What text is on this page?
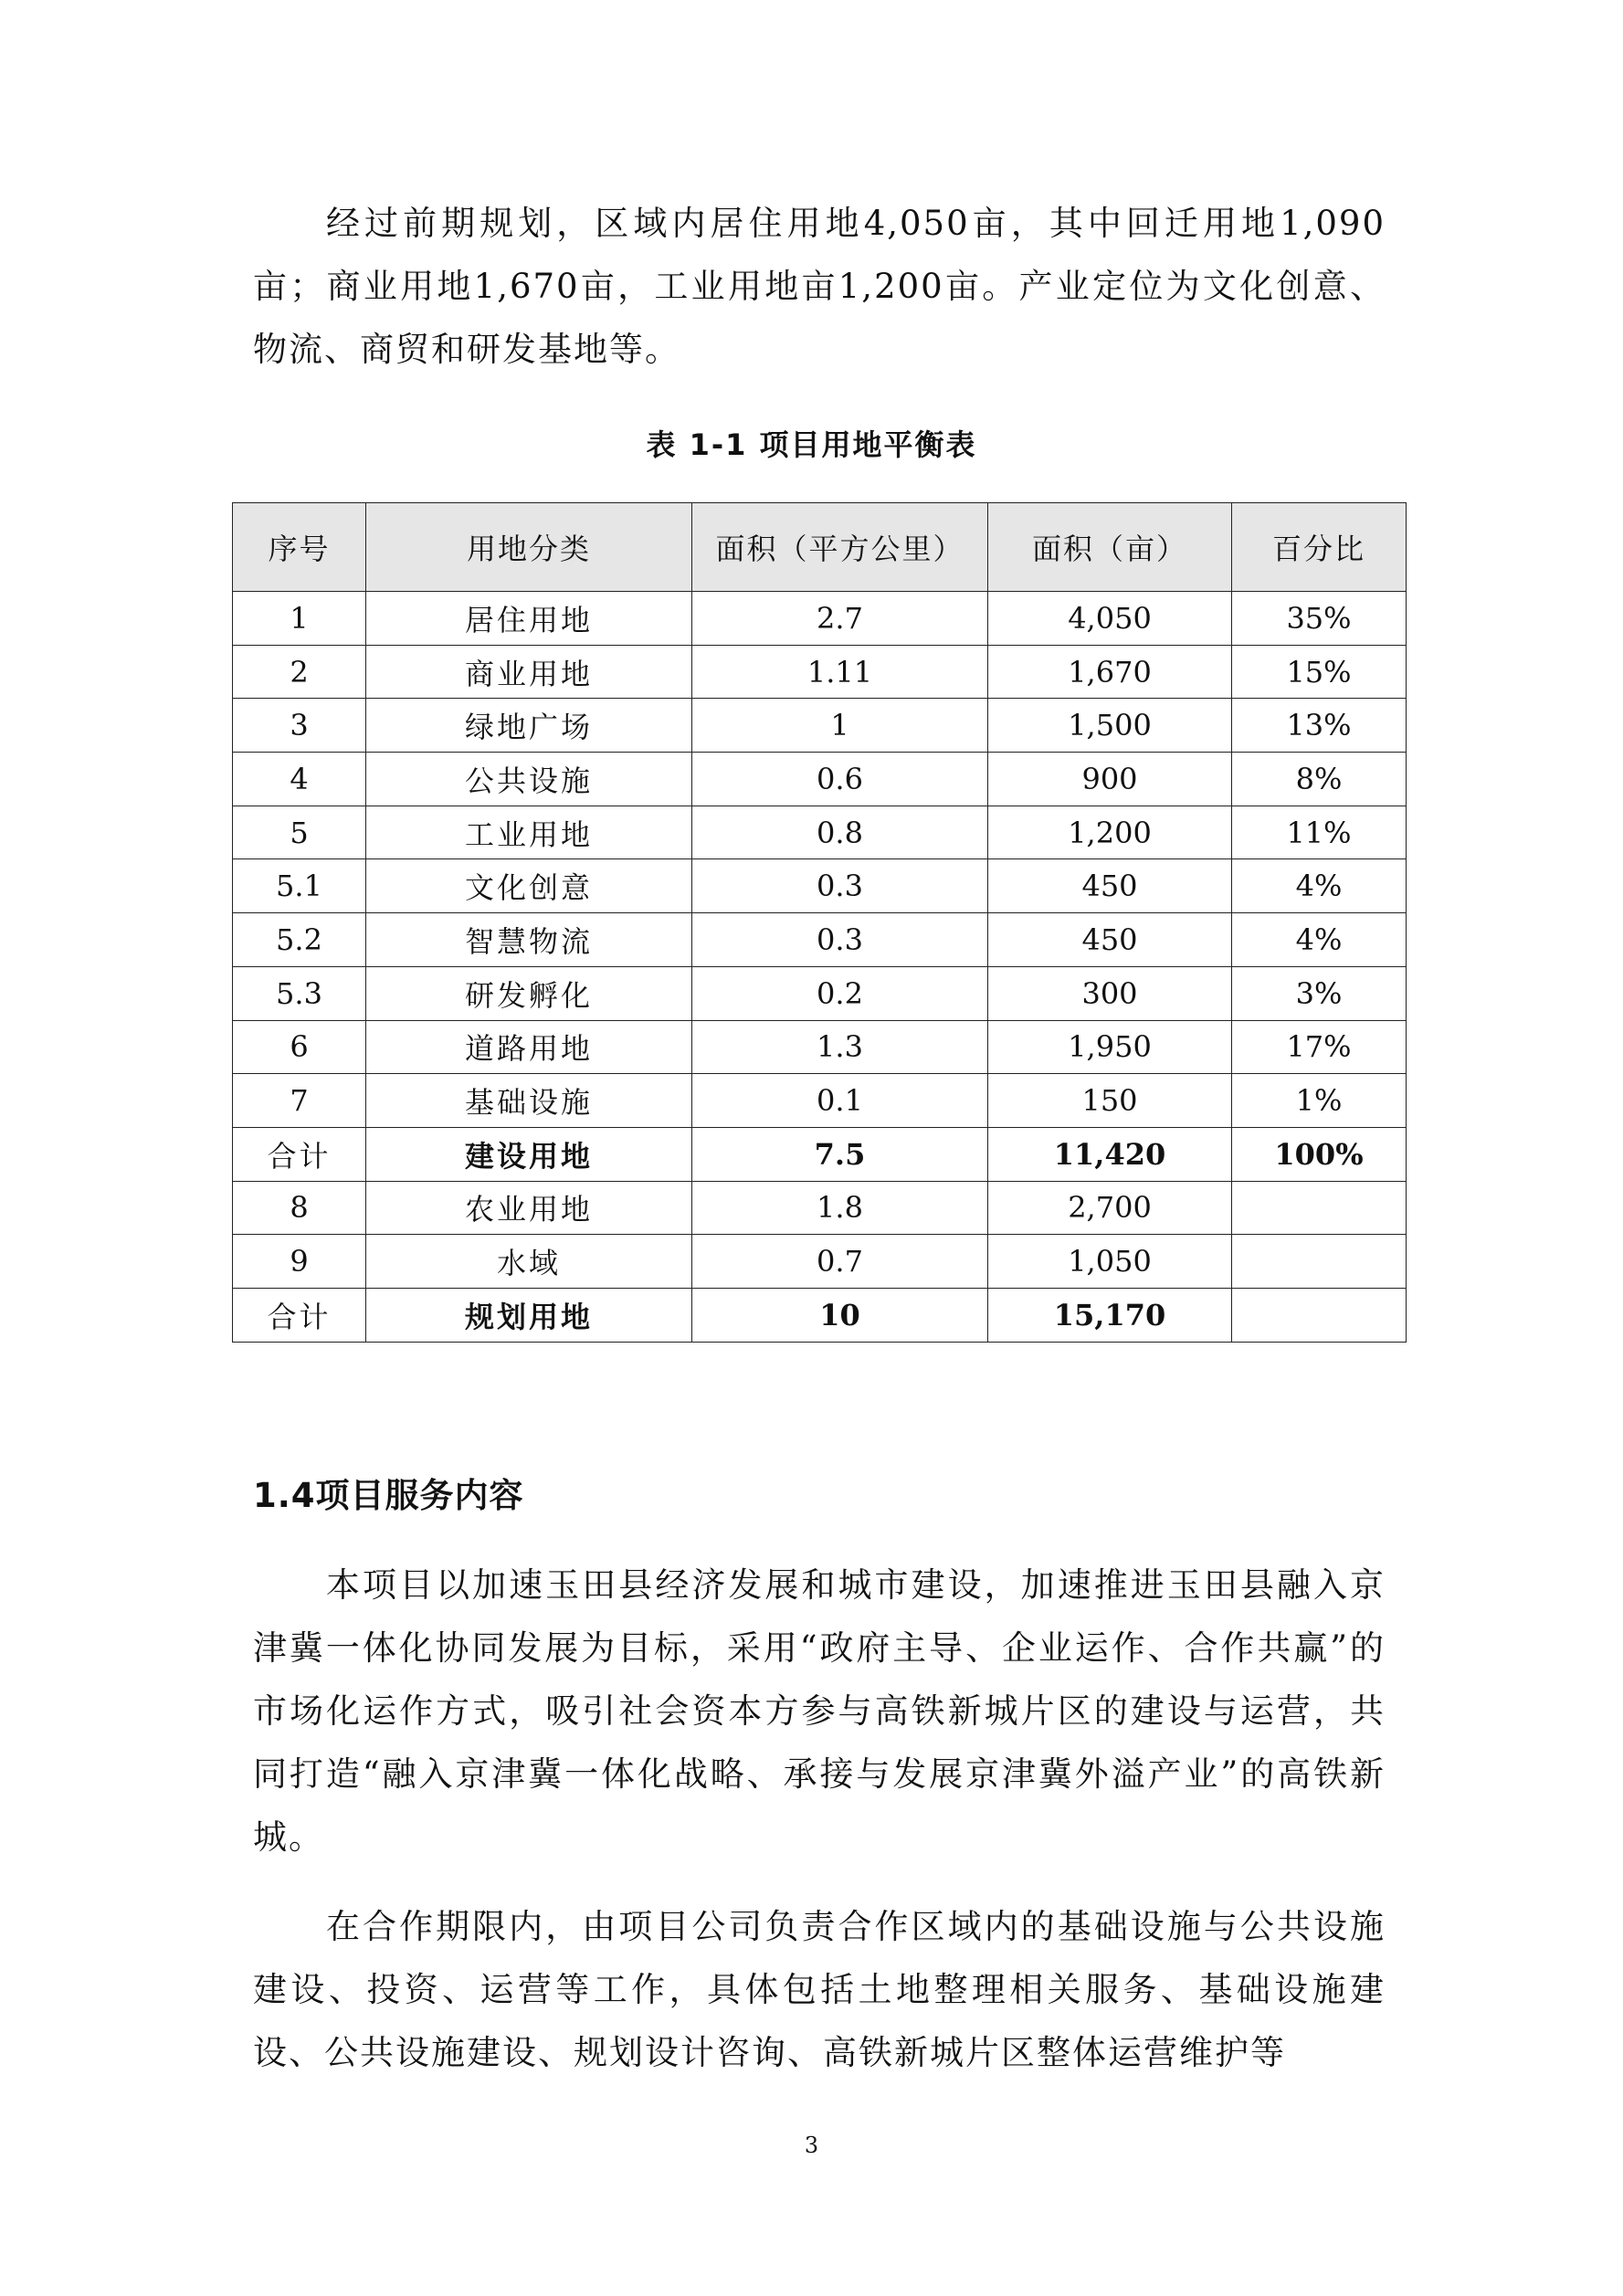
经过前期规划，区域内居住用地4,050亩，其中回迁用地1,090亩；商业用地1,670亩，工业用地亩1,200亩。产业定位为文化创意、物流、商贸和研发基地等。

表 1-1 项目用地平衡表
序号	用地分类	面积（平方公里）	面积（亩）	百分比
1	居住用地	2.7	4,050	35%
2	商业用地	1.11	1,670	15%
3	绿地广场	1	1,500	13%
4	公共设施	0.6	900	8%
5	工业用地	0.8	1,200	11%
5.1	文化创意	0.3	450	4%
5.2	智慧物流	0.3	450	4%
5.3	研发孵化	0.2	300	3%
6	道路用地	1.3	1,950	17%
7	基础设施	0.1	150	1%
合计	建设用地	7.5	11,420	100%
8	农业用地	1.8	2,700	
9	水域	0.7	1,050	
合计	规划用地	10	15,170	
1.4项目服务内容

本项目以加速玉田县经济发展和城市建设，加速推进玉田县融入京津冀一体化协同发展为目标，采用“政府主导、企业运作、合作共赢”的市场化运作方式，吸引社会资本方参与高铁新城片区的建设与运营，共同打造“融入京津冀一体化战略、承接与发展京津冀外溢产业”的高铁新城。

在合作期限内，由项目公司负责合作区域内的基础设施与公共设施建设、投资、运营等工作，具体包括土地整理相关服务、基础设施建设、公共设施建设、规划设计咨询、高铁新城片区整体运营维护等

3
